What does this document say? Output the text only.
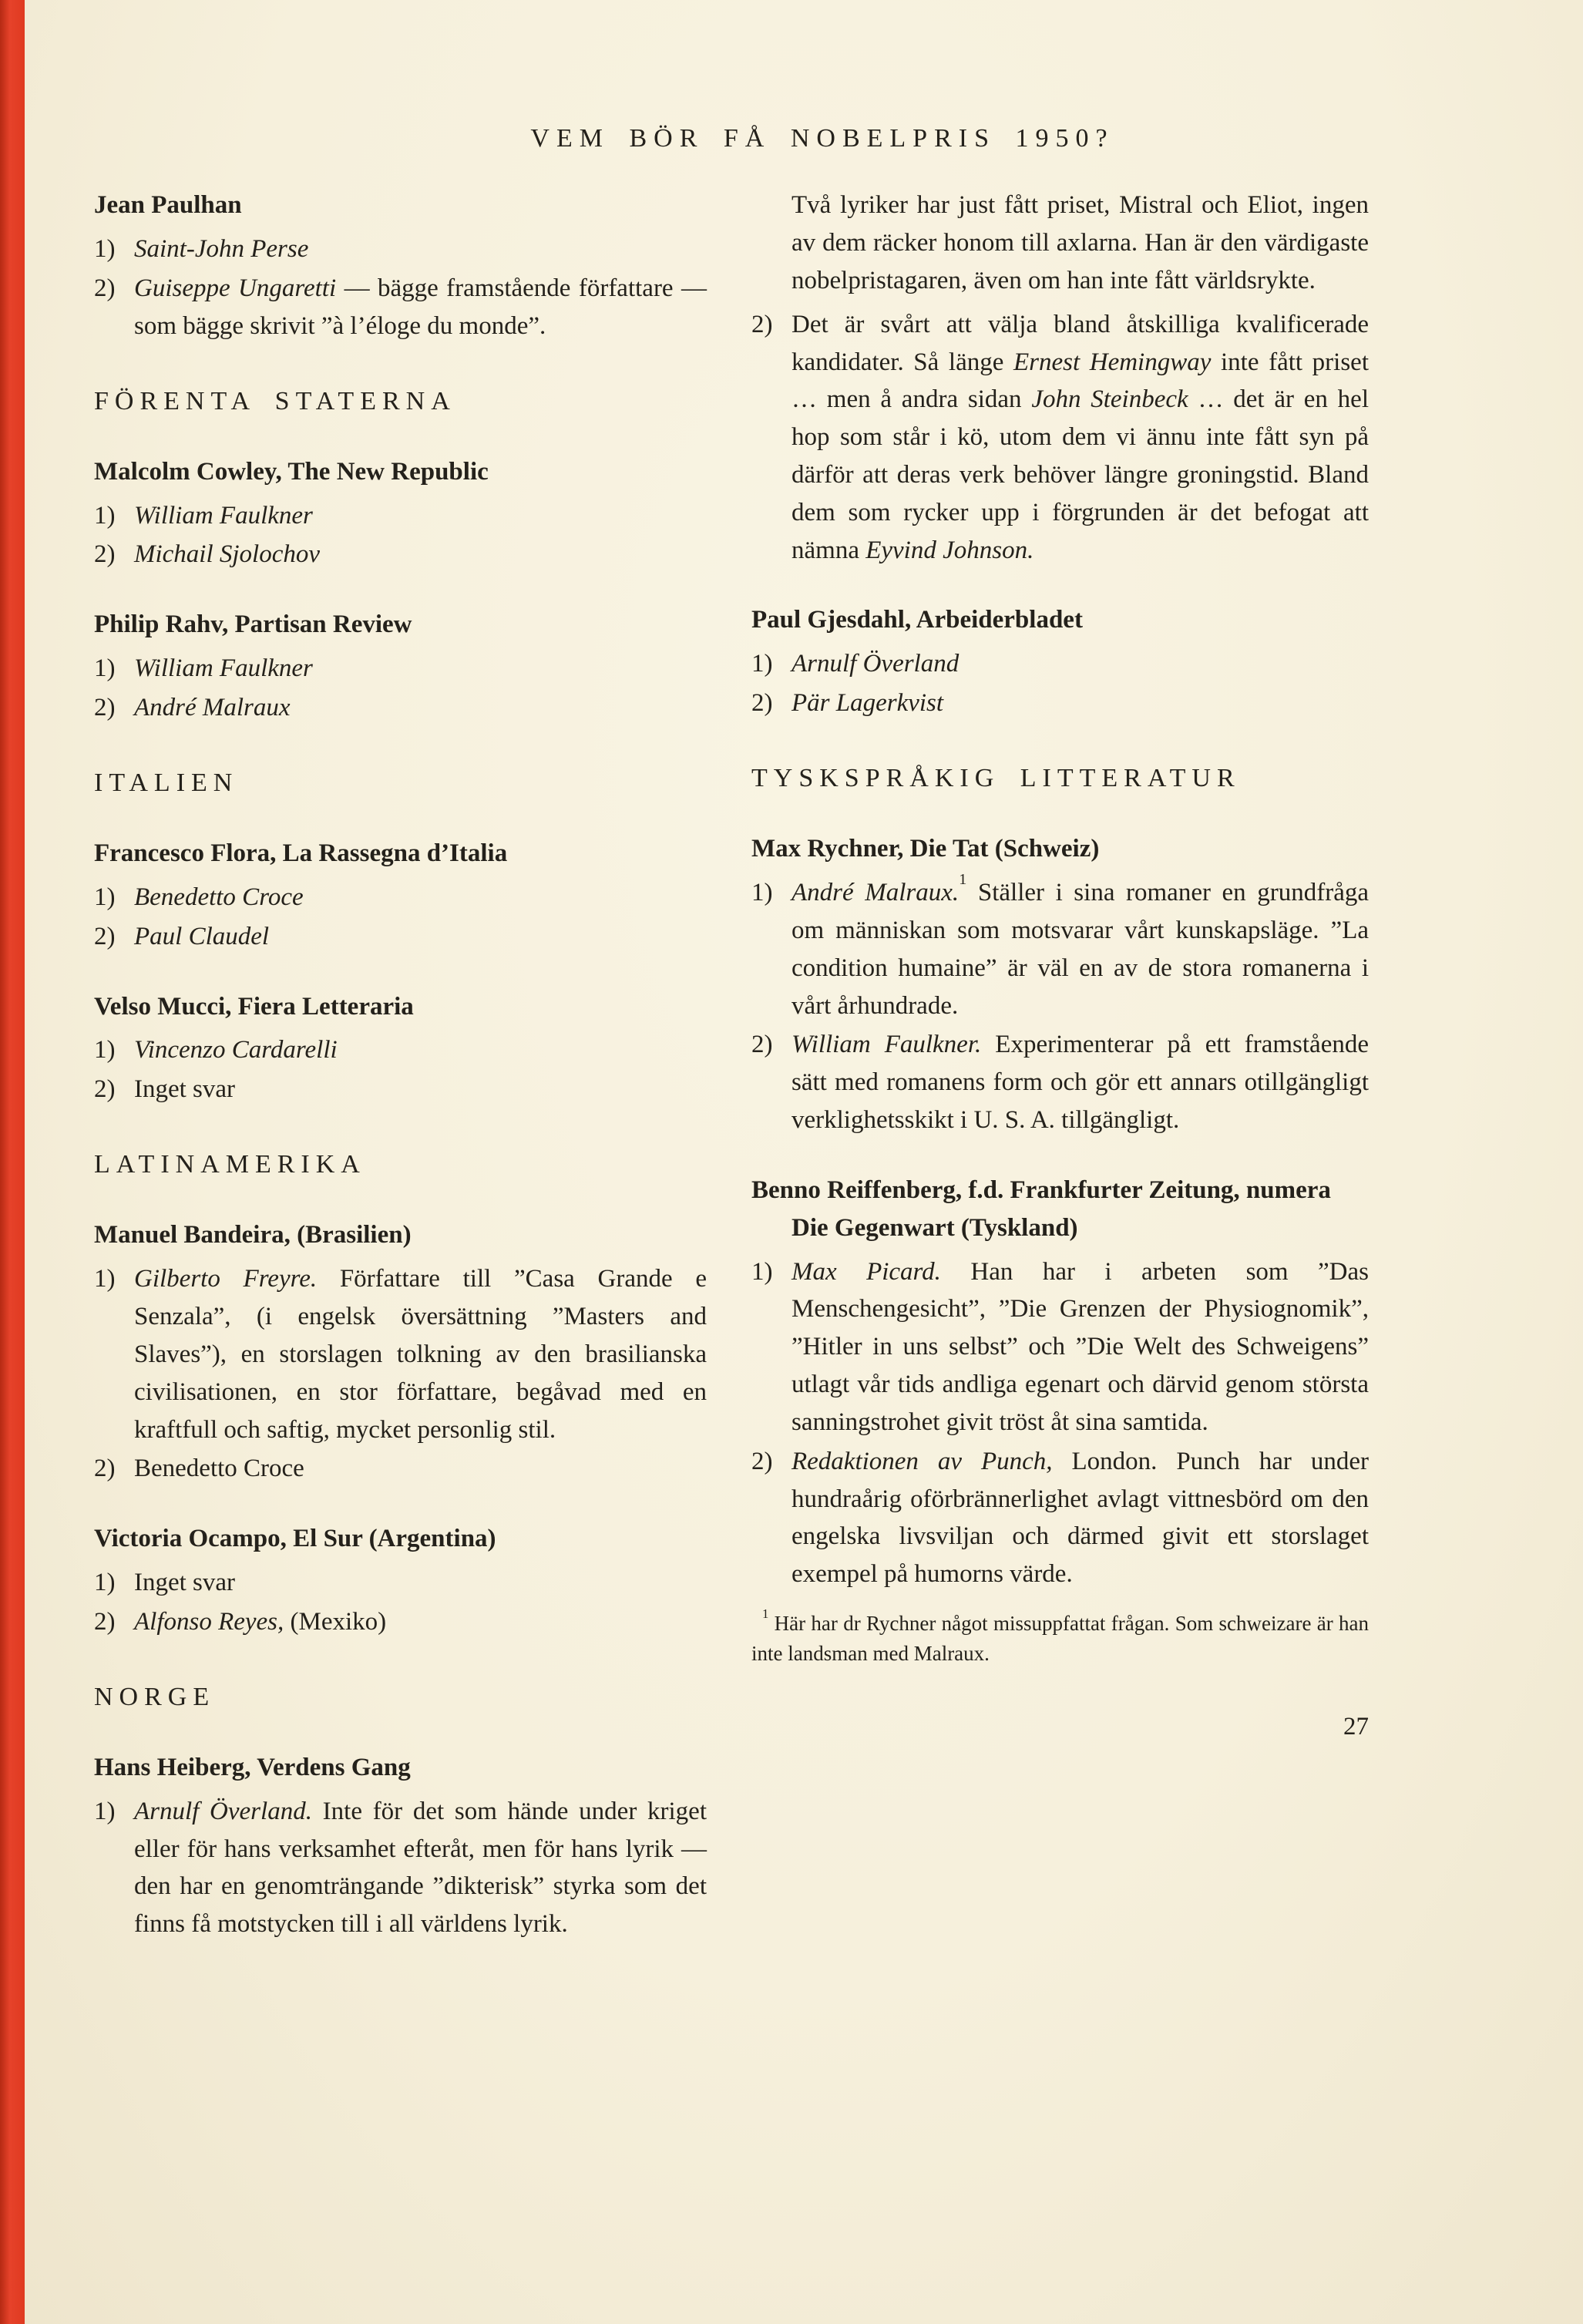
VEM BÖR FÅ NOBELPRIS 1950?
Jean Paulhan
1) Saint-John Perse
2) Guiseppe Ungaretti — bägge framstående författare — som bägge skrivit ”à l’éloge du monde”.
FÖRENTA STATERNA
Malcolm Cowley, The New Republic
1) William Faulkner
2) Michail Sjolochov
Philip Rahv, Partisan Review
1) William Faulkner
2) André Malraux
ITALIEN
Francesco Flora, La Rassegna d’Italia
1) Benedetto Croce
2) Paul Claudel
Velso Mucci, Fiera Letteraria
1) Vincenzo Cardarelli
2) Inget svar
LATINAMERIKA
Manuel Bandeira, (Brasilien)
1) Gilberto Freyre. Författare till ”Casa Grande e Senzala”, (i engelsk översättning ”Masters and Slaves”), en storslagen tolkning av den brasilianska civilisationen, en stor författare, begåvad med en kraftfull och saftig, mycket personlig stil.
2) Benedetto Croce
Victoria Ocampo, El Sur (Argentina)
1) Inget svar
2) Alfonso Reyes, (Mexiko)
NORGE
Hans Heiberg, Verdens Gang
1) Arnulf Överland. Inte för det som hände under kriget eller för hans verksamhet efteråt, men för hans lyrik — den har en genomträngande ”dikterisk” styrka som det finns få motstycken till i all världens lyrik.
Två lyriker har just fått priset, Mistral och Eliot, ingen av dem räcker honom till axlarna. Han är den värdigaste nobelpristagaren, även om han inte fått världsrykte.
2) Det är svårt att välja bland åtskilliga kvalificerade kandidater. Så länge Ernest Hemingway inte fått priset … men å andra sidan John Steinbeck … det är en hel hop som står i kö, utom dem vi ännu inte fått syn på därför att deras verk behöver längre groningstid. Bland dem som rycker upp i förgrunden är det befogat att nämna Eyvind Johnson.
Paul Gjesdahl, Arbeiderbladet
1) Arnulf Överland
2) Pär Lagerkvist
TYSKSPRÅKIG LITTERATUR
Max Rychner, Die Tat (Schweiz)
1) André Malraux.$^1$ Ställer i sina romaner en grundfråga om människan som motsvarar vårt kunskapsläge. ”La condition humaine” är väl en av de stora romanerna i vårt århundrade.
2) William Faulkner. Experimenterar på ett framstående sätt med romanens form och gör ett annars otillgängligt verklighetsskikt i U. S. A. tillgängligt.
Benno Reiffenberg, f.d. Frankfurter Zeitung, numera Die Gegenwart (Tyskland)
1) Max Picard. Han har i arbeten som ”Das Menschengesicht”, ”Die Grenzen der Physiognomik”, ”Hitler in uns selbst” och ”Die Welt des Schweigens” utlagt vår tids andliga egenart och därvid genom största sanningstrohet givit tröst åt sina samtida.
2) Redaktionen av Punch, London. Punch har under hundraårig oförbrännerlighet avlagt vittnesbörd om den engelska livsviljan och därmed givit ett storslaget exempel på humorns värde.
$^1$ Här har dr Rychner något missuppfattat frågan. Som schweizare är han inte landsman med Malraux.
27
